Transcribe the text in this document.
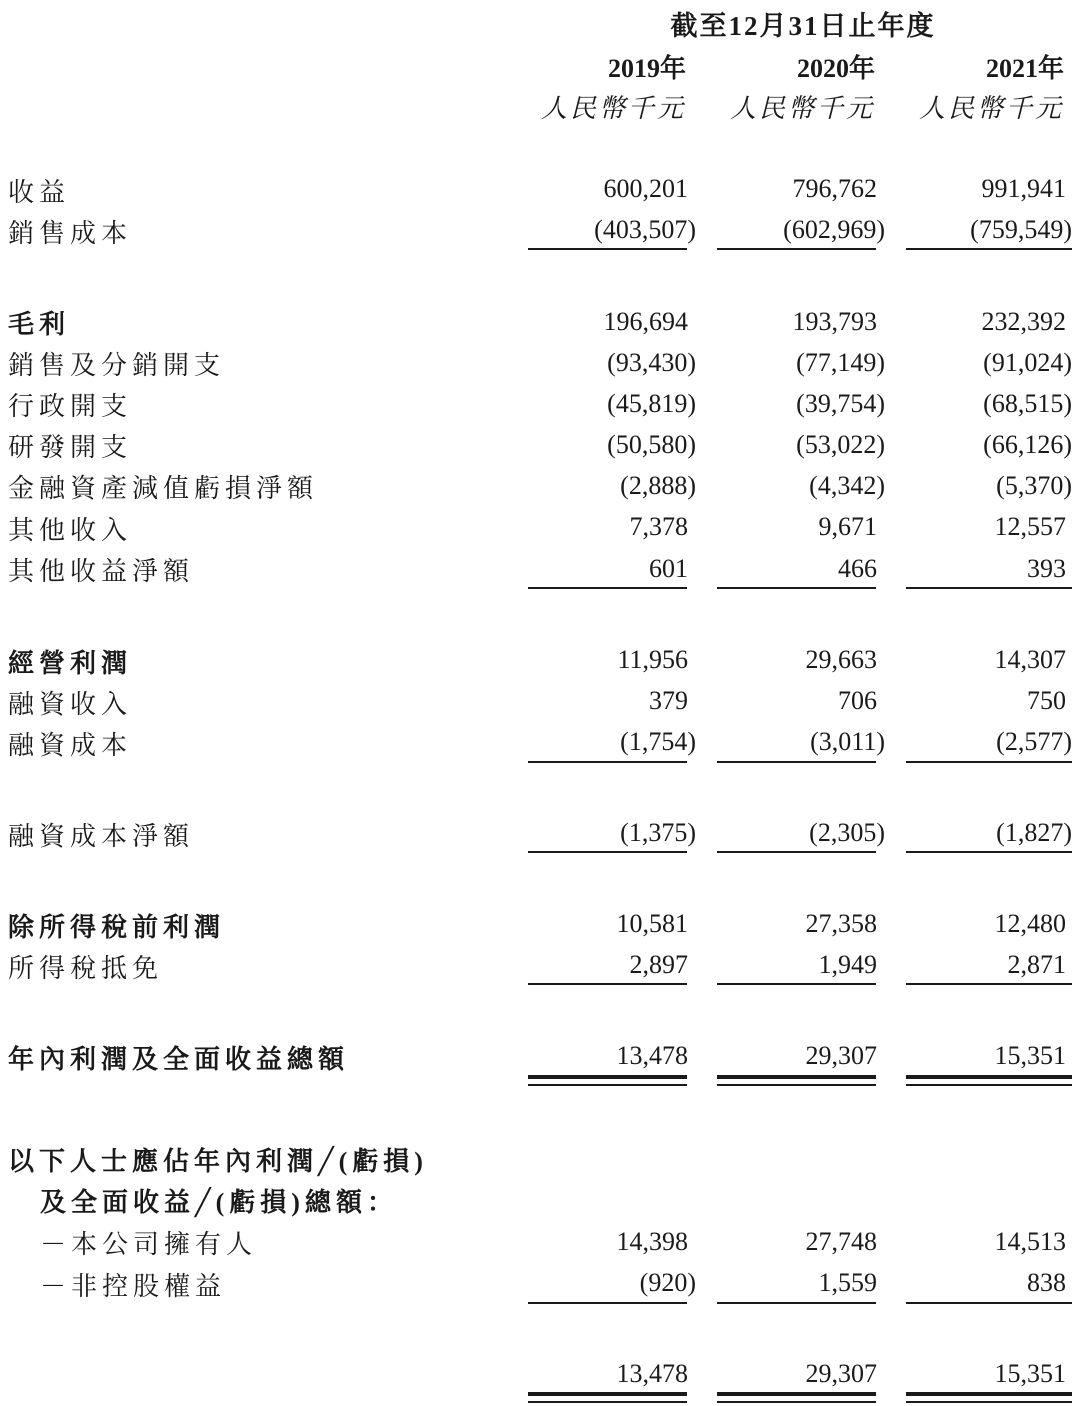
截至12月31日止年度
2019年	2020年	2021年
人民幣千元	人民幣千元	人民幣千元
收益	600,201	796,762	991,941
銷售成本	(403,507)	(602,969)	(759,549)
毛利	196,694	193,793	232,392
銷售及分銷開支	(93,430)	(77,149)	(91,024)
行政開支	(45,819)	(39,754)	(68,515)
研發開支	(50,580)	(53,022)	(66,126)
金融資產減值虧損淨額	(2,888)	(4,342)	(5,370)
其他收入	7,378	9,671	12,557
其他收益淨額	601	466	393
經營利潤	11,956	29,663	14,307
融資收入	379	706	750
融資成本	(1,754)	(3,011)	(2,577)
融資成本淨額	(1,375)	(2,305)	(1,827)
除所得稅前利潤	10,581	27,358	12,480
所得稅抵免	2,897	1,949	2,871
年內利潤及全面收益總額	13,478	29,307	15,351
以下人士應佔年內利潤╱(虧損)
及全面收益╱(虧損)總額：
－本公司擁有人	14,398	27,748	14,513
－非控股權益	(920)	1,559	838
13,478	29,307	15,351
